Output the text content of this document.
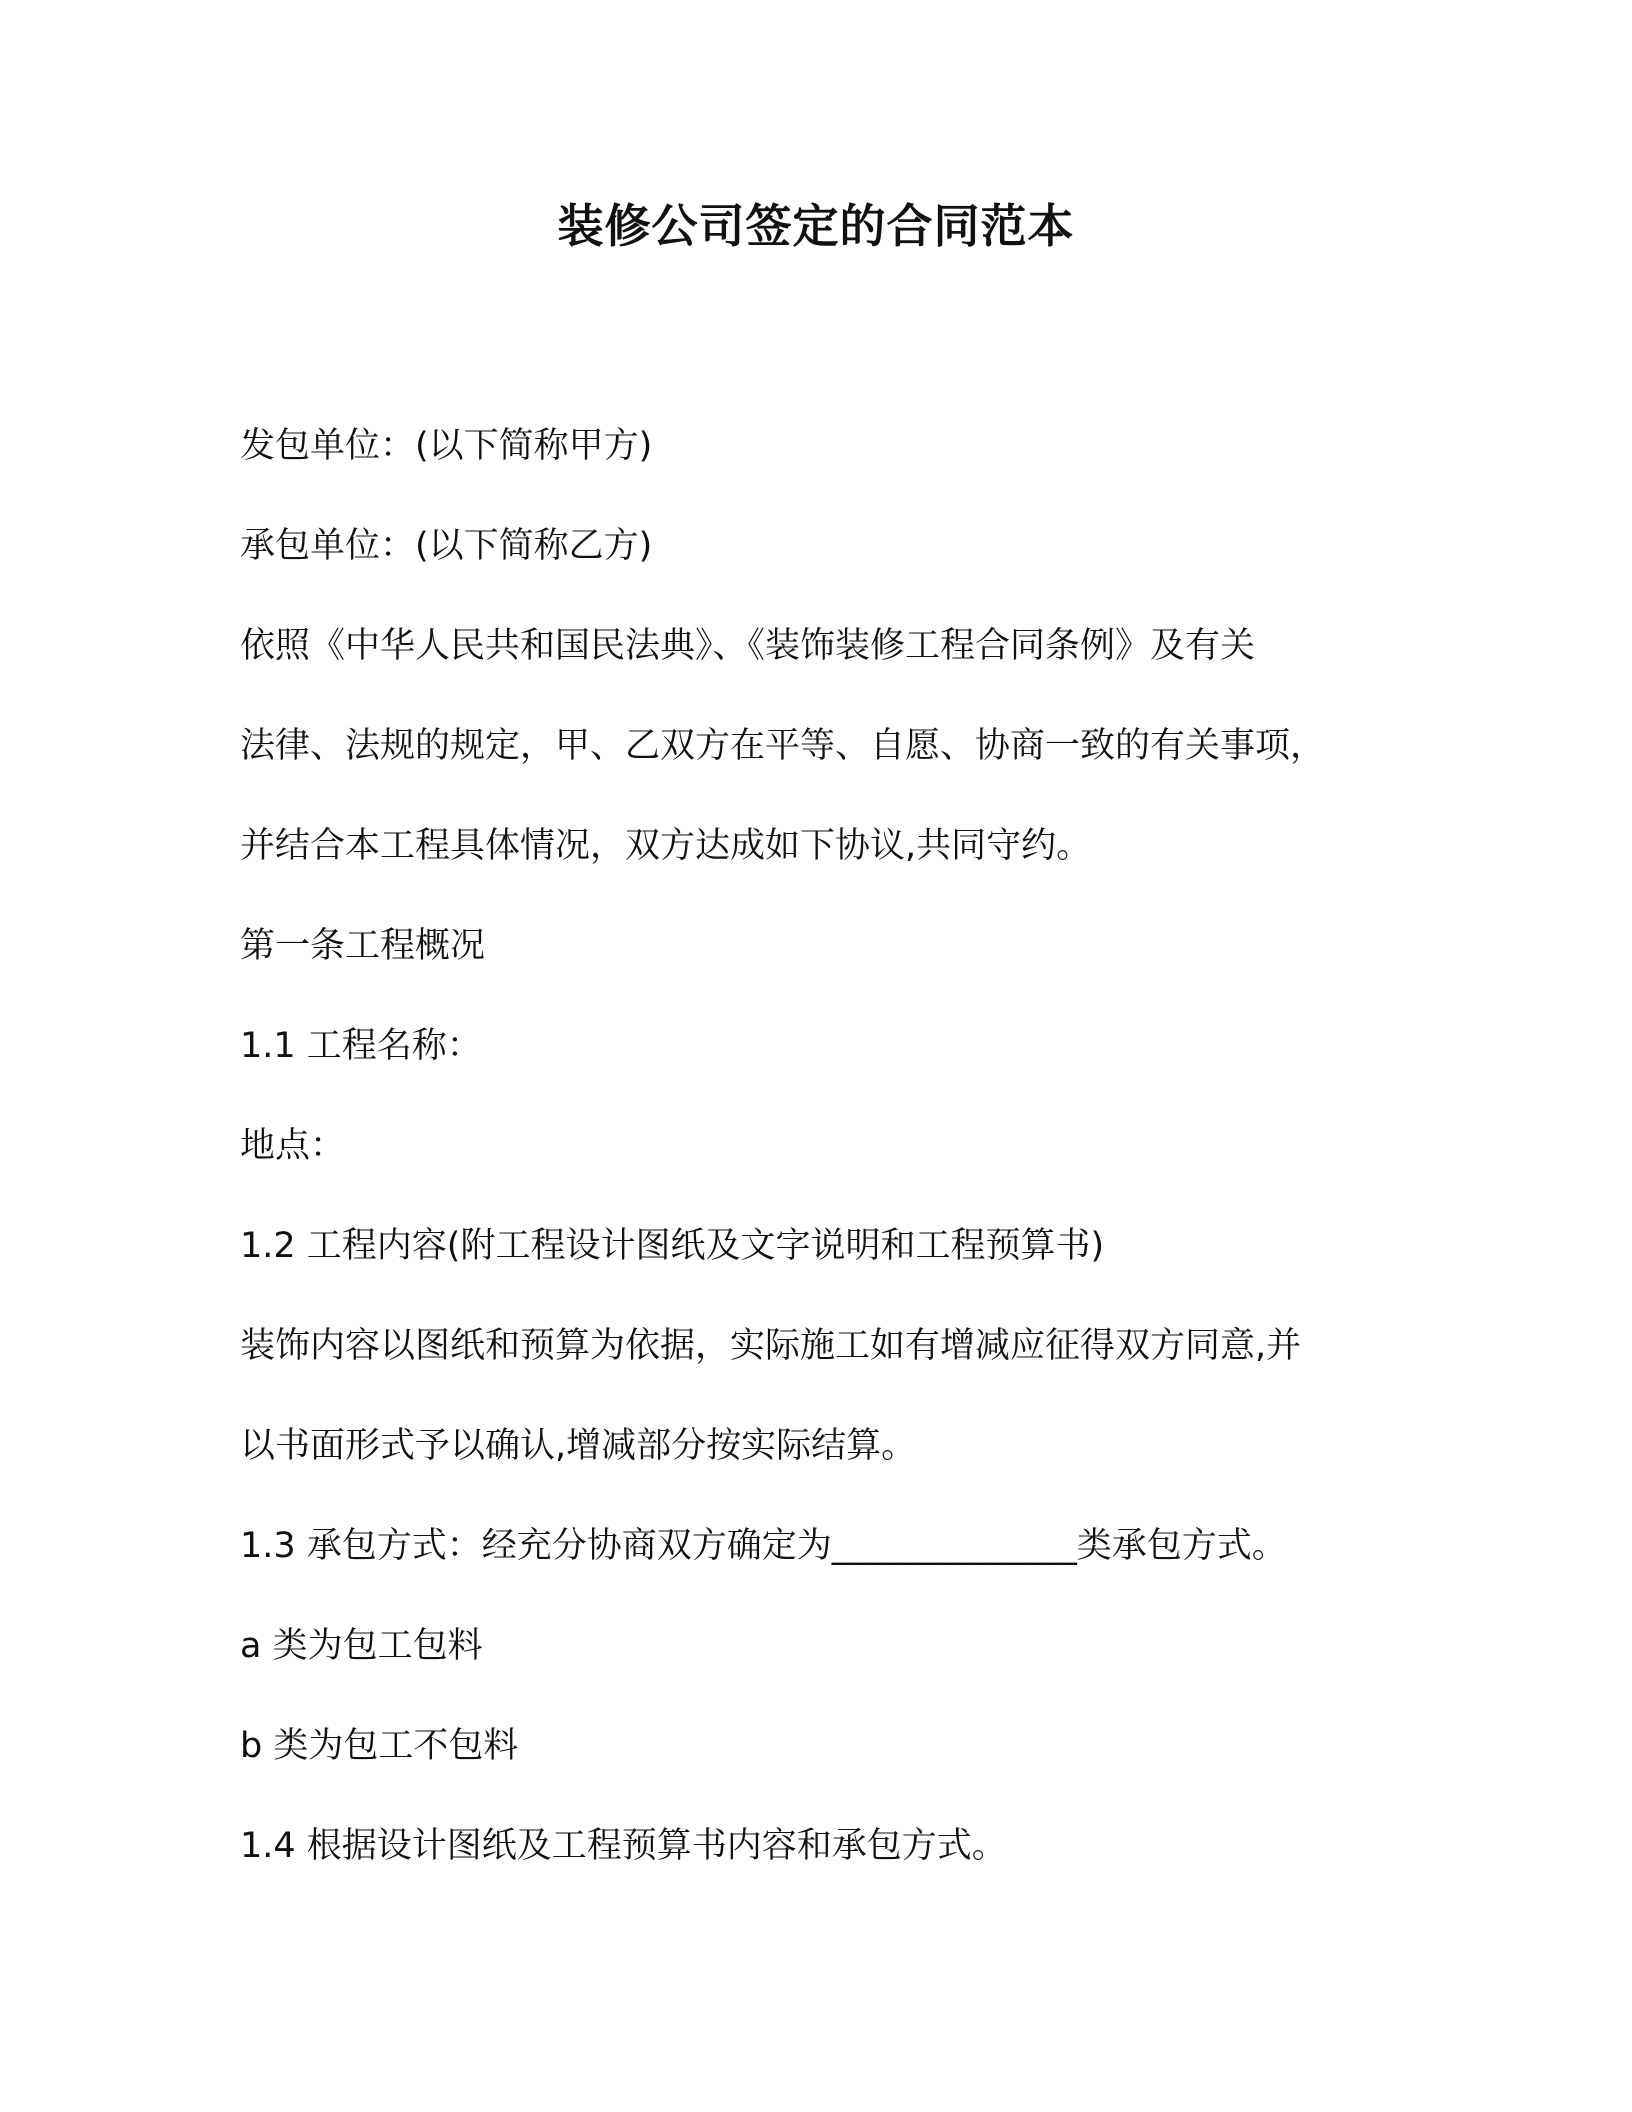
装修公司签定的合同范本
发包单位：(以下简称甲方)
承包单位：(以下简称乙方)
依照《中华人民共和国民法典》、《装饰装修工程合同条例》及有关
法律、法规的规定，甲、乙双方在平等、自愿、协商一致的有关事项，
并结合本工程具体情况，双方达成如下协议,共同守约。
第一条工程概况
1.1 工程名称：
地点：
1.2 工程内容(附工程设计图纸及文字说明和工程预算书)
装饰内容以图纸和预算为依据，实际施工如有增减应征得双方同意,并
以书面形式予以确认,增减部分按实际结算。
1.3 承包方式：经充分协商双方确定为______________类承包方式。
a 类为包工包料
b 类为包工不包料
1.4 根据设计图纸及工程预算书内容和承包方式。
